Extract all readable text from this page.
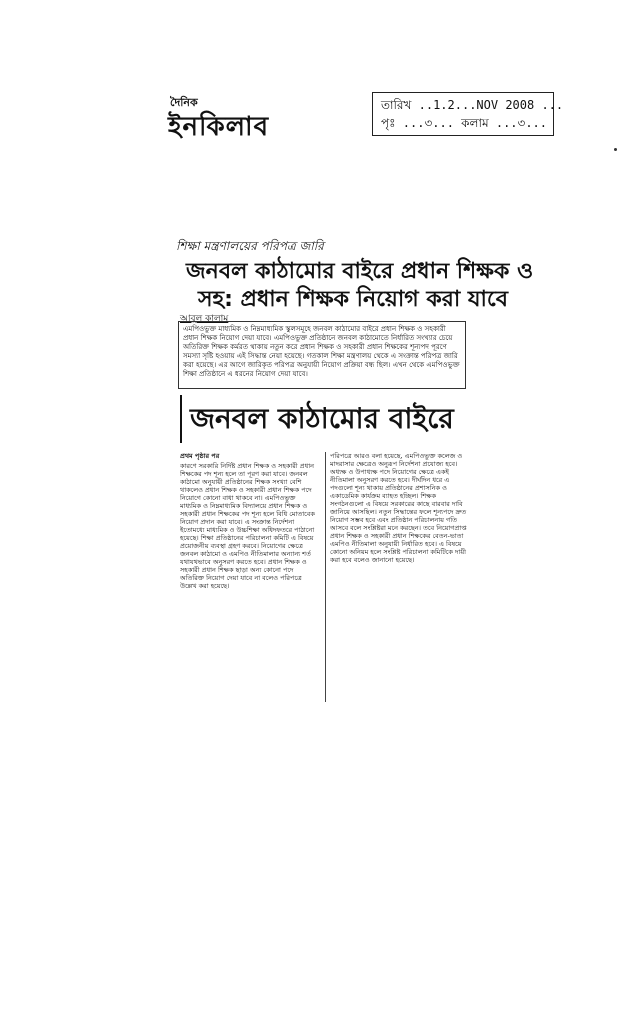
দৈনিক
ইনকিলাব
তারিখ ..1.2...NOV 2008 ...
পৃঃ ...৩... কলাম ...৩...
শিক্ষা মন্ত্রণালয়ের পরিপত্র জারি
জনবল কাঠামোর বাইরে প্রধান শিক্ষক ও
সহ: প্রধান শিক্ষক নিয়োগ করা যাবে
আবুল কালাম

এমপিওভুক্ত মাধ্যমিক ও নিম্নমাধ্যমিক স্কুলসমূহে জনবল কাঠামোর বাইরে প্রধান শিক্ষক ও সহকারী প্রধান শিক্ষক নিয়োগ দেয়া যাবে। এমপিওভুক্ত প্রতিষ্ঠানে জনবল কাঠামোতে নির্ধারিত সংখ্যার চেয়ে অতিরিক্ত শিক্ষক কর্মরত থাকায় নতুন করে প্রধান শিক্ষক ও সহকারী প্রধান শিক্ষকের শূন্যপদ পূরণে সমস্যা সৃষ্টি হওয়ায় এই সিদ্ধান্ত নেয়া হয়েছে। গতকাল শিক্ষা মন্ত্রণালয় থেকে এ সংক্রান্ত পরিপত্র জারি করা হয়েছে। এর আগে জারিকৃত পরিপত্র অনুযায়ী নিয়োগ প্রক্রিয়া বন্ধ ছিল। এখন থেকে এমপিওভুক্ত শিক্ষা প্রতিষ্ঠানে এ ধরনের নিয়োগ দেয়া যাবে।

জনবল কাঠামোর বাইরে

প্রথম পৃষ্ঠার পর

কারণে সরকারি নির্দিষ্ট প্রধান শিক্ষক ও সহকারী প্রধান শিক্ষকের পদ শূন্য হলে তা পূরণ করা যাবে। জনবল কাঠামো অনুযায়ী প্রতিষ্ঠানের শিক্ষক সংখ্যা বেশি থাকলেও প্রধান শিক্ষক ও সহকারী প্রধান শিক্ষক পদে নিয়োগে কোনো বাধা থাকবে না। এমপিওভুক্ত মাধ্যমিক ও নিম্নমাধ্যমিক বিদ্যালয়ে প্রধান শিক্ষক ও সহকারী প্রধান শিক্ষকের পদ শূন্য হলে বিধি মোতাবেক নিয়োগ প্রদান করা যাবে। এ সংক্রান্ত নির্দেশনা ইতোমধ্যে মাধ্যমিক ও উচ্চশিক্ষা অধিদফতরে পাঠানো হয়েছে। শিক্ষা প্রতিষ্ঠানের পরিচালনা কমিটি এ বিষয়ে প্রয়োজনীয় ব্যবস্থা গ্রহণ করবে। নিয়োগের ক্ষেত্রে জনবল কাঠামো ও এমপিও নীতিমালার অন্যান্য শর্ত যথাযথভাবে অনুসরণ করতে হবে। প্রধান শিক্ষক ও সহকারী প্রধান শিক্ষক ছাড়া অন্য কোনো পদে অতিরিক্ত নিয়োগ দেয়া যাবে না বলেও পরিপত্রে উল্লেখ করা হয়েছে।

পরিপত্রে আরও বলা হয়েছে, এমপিওভুক্ত কলেজ ও মাদরাসার ক্ষেত্রেও অনুরূপ নির্দেশনা প্রযোজ্য হবে। অধ্যক্ষ ও উপাধ্যক্ষ পদে নিয়োগের ক্ষেত্রে একই নীতিমালা অনুসরণ করতে হবে। দীর্ঘদিন ধরে এ পদগুলো শূন্য থাকায় প্রতিষ্ঠানের প্রশাসনিক ও একাডেমিক কার্যক্রম ব্যাহত হচ্ছিল। শিক্ষক সংগঠনগুলো এ বিষয়ে সরকারের কাছে বারবার দাবি জানিয়ে আসছিল। নতুন সিদ্ধান্তের ফলে শূন্যপদে দ্রুত নিয়োগ সম্ভব হবে এবং প্রতিষ্ঠান পরিচালনায় গতি আসবে বলে সংশ্লিষ্টরা মনে করছেন। তবে নিয়োগপ্রাপ্ত প্রধান শিক্ষক ও সহকারী প্রধান শিক্ষকের বেতন-ভাতা এমপিও নীতিমালা অনুযায়ী নির্ধারিত হবে। এ বিষয়ে কোনো অনিয়ম হলে সংশ্লিষ্ট পরিচালনা কমিটিকে দায়ী করা হবে বলেও জানানো হয়েছে।
